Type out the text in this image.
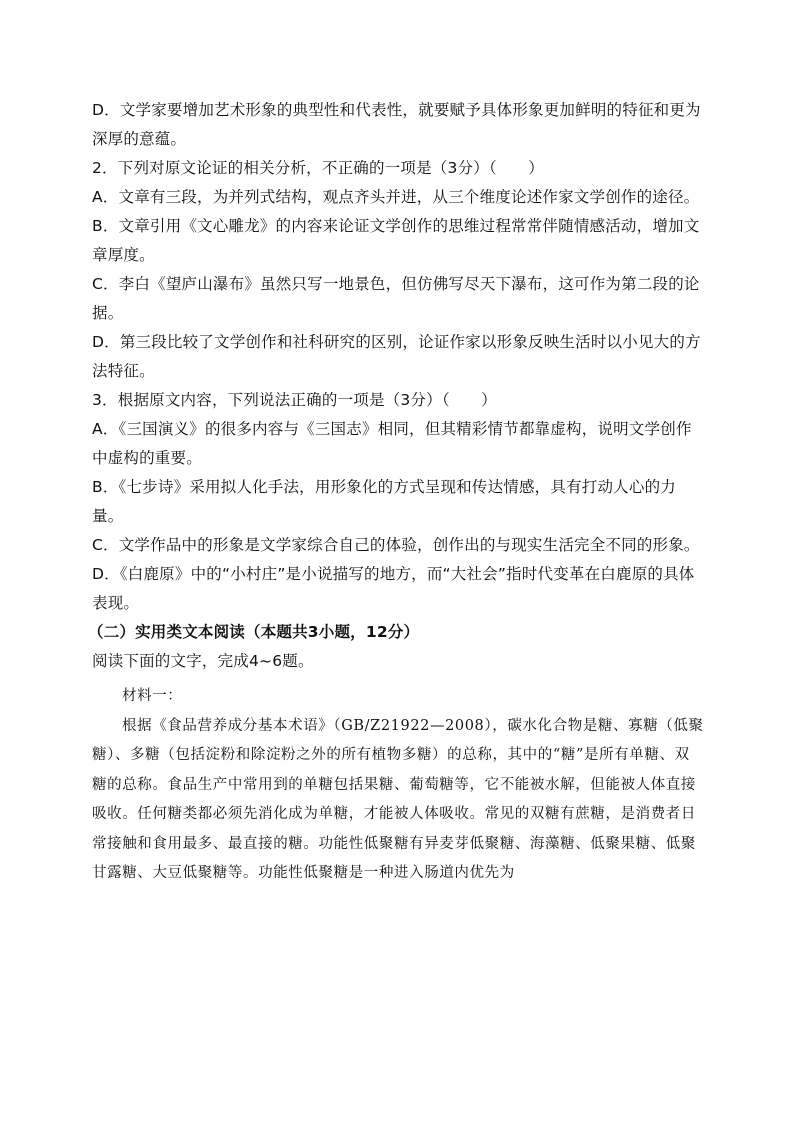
D．文学家要增加艺术形象的典型性和代表性，就要赋予具体形象更加鲜明的特征和更为深厚的意蕴。

2．下列对原文论证的相关分析，不正确的一项是（3分）（　　）

A．文章有三段，为并列式结构，观点齐头并进，从三个维度论述作家文学创作的途径。

B．文章引用《文心雕龙》的内容来论证文学创作的思维过程常常伴随情感活动，增加文章厚度。

C．李白《望庐山瀑布》虽然只写一地景色，但仿佛写尽天下瀑布，这可作为第二段的论据。

D．第三段比较了文学创作和社科研究的区别，论证作家以形象反映生活时以小见大的方法特征。

3．根据原文内容，下列说法正确的一项是（3分）（　　）

A．《三国演义》的很多内容与《三国志》相同，但其精彩情节都靠虚构，说明文学创作中虚构的重要。

B．《七步诗》采用拟人化手法，用形象化的方式呈现和传达情感，具有打动人心的力量。

C．文学作品中的形象是文学家综合自己的体验，创作出的与现实生活完全不同的形象。

D．《白鹿原》中的“小村庄”是小说描写的地方，而“大社会”指时代变革在白鹿原的具体表现。

（二）实用类文本阅读（本题共3小题，12分）

阅读下面的文字，完成4~6题。

材料一：

根据《食品营养成分基本术语》（GB/Z21922—2008），碳水化合物是糖、寡糖（低聚糖）、多糖（包括淀粉和除淀粉之外的所有植物多糖）的总称，其中的“糖”是所有单糖、双糖的总称。食品生产中常用到的单糖包括果糖、葡萄糖等，它不能被水解，但能被人体直接吸收。任何糖类都必须先消化成为单糖，才能被人体吸收。常见的双糖有蔗糖，是消费者日常接触和食用最多、最直接的糖。功能性低聚糖有异麦芽低聚糖、海藻糖、低聚果糖、低聚甘露糖、大豆低聚糖等。功能性低聚糖是一种进入肠道内优先为
